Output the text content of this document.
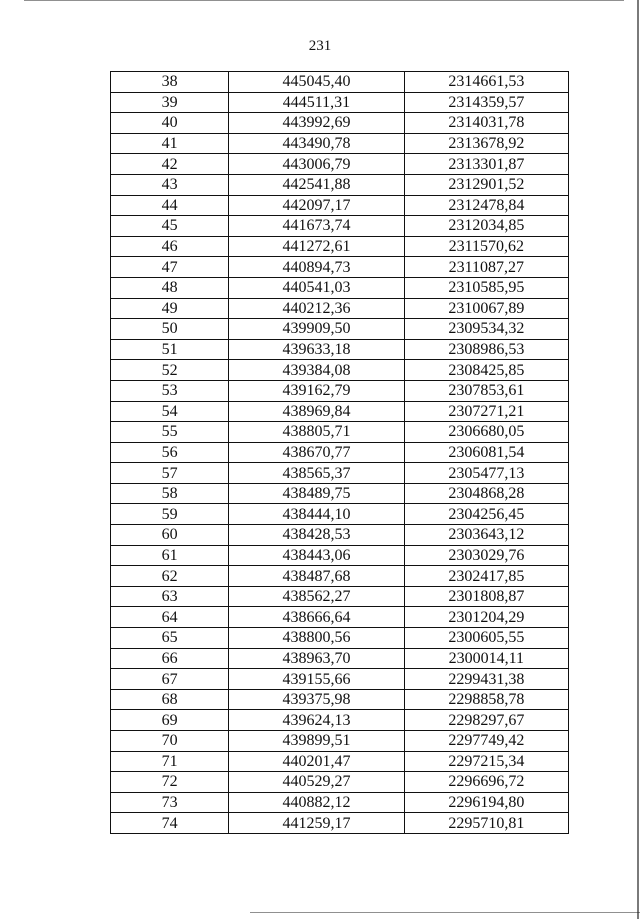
231
38	445045,40	2314661,53
39	444511,31	2314359,57
40	443992,69	2314031,78
41	443490,78	2313678,92
42	443006,79	2313301,87
43	442541,88	2312901,52
44	442097,17	2312478,84
45	441673,74	2312034,85
46	441272,61	2311570,62
47	440894,73	2311087,27
48	440541,03	2310585,95
49	440212,36	2310067,89
50	439909,50	2309534,32
51	439633,18	2308986,53
52	439384,08	2308425,85
53	439162,79	2307853,61
54	438969,84	2307271,21
55	438805,71	2306680,05
56	438670,77	2306081,54
57	438565,37	2305477,13
58	438489,75	2304868,28
59	438444,10	2304256,45
60	438428,53	2303643,12
61	438443,06	2303029,76
62	438487,68	2302417,85
63	438562,27	2301808,87
64	438666,64	2301204,29
65	438800,56	2300605,55
66	438963,70	2300014,11
67	439155,66	2299431,38
68	439375,98	2298858,78
69	439624,13	2298297,67
70	439899,51	2297749,42
71	440201,47	2297215,34
72	440529,27	2296696,72
73	440882,12	2296194,80
74	441259,17	2295710,81
